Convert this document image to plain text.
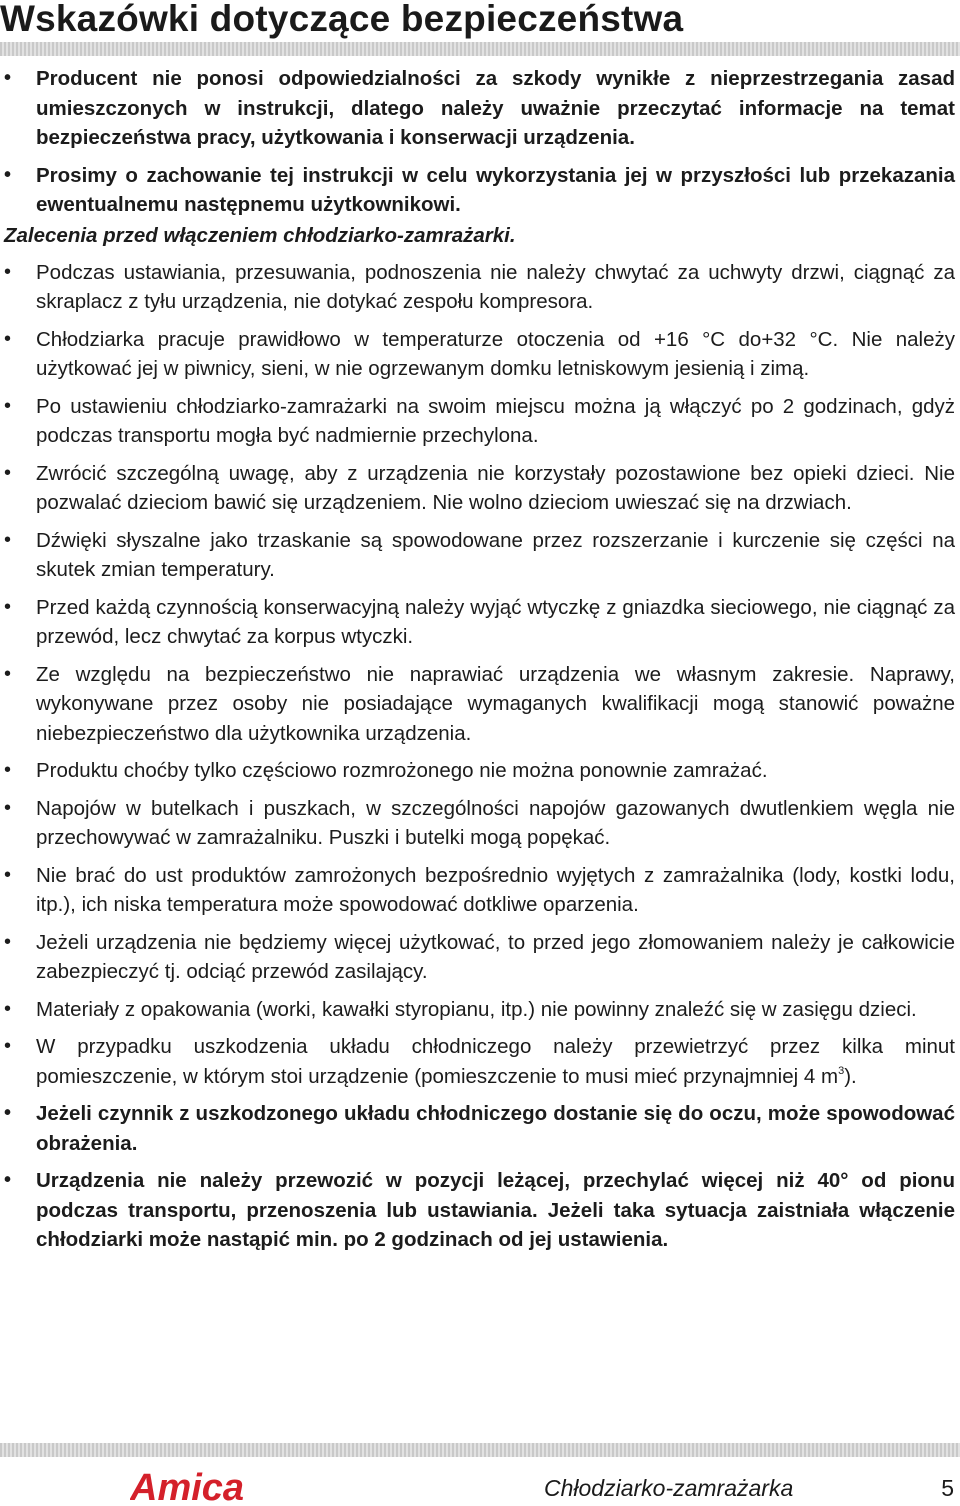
Wskazówki dotyczące bezpieczeństwa
• Producent nie ponosi odpowiedzialności za szkody wynikłe z nieprzestrzegania zasad umieszczonych w instrukcji, dlatego należy uważnie przeczytać informacje na temat bezpieczeństwa pracy, użytkowania i konserwacji urządzenia.
• Prosimy o zachowanie tej instrukcji w celu wykorzystania jej w przyszłości lub przekazania ewentualnemu następnemu użytkownikowi.
Zalecenia przed włączeniem chłodziarko-zamrażarki.
• Podczas ustawiania, przesuwania, podnoszenia nie należy chwytać za uchwyty drzwi, ciągnąć za skraplacz z tyłu urządzenia, nie dotykać zespołu kompresora.
• Chłodziarka pracuje prawidłowo w temperaturze otoczenia od +16 °C do+32 °C. Nie należy użytkować jej w piwnicy, sieni, w nie ogrzewanym domku letniskowym jesienią i zimą.
• Po ustawieniu chłodziarko-zamrażarki na swoim miejscu można ją włączyć po 2 godzinach, gdyż podczas transportu mogła być nadmiernie przechylona.
• Zwrócić szczególną uwagę, aby z urządzenia nie korzystały pozostawione bez opieki dzieci. Nie pozwalać dzieciom bawić się urządzeniem. Nie wolno dzieciom uwieszać się na drzwiach.
• Dźwięki słyszalne jako trzaskanie są spowodowane przez rozszerzanie i kurczenie się części na skutek zmian temperatury.
• Przed każdą czynnością konserwacyjną należy wyjąć wtyczkę z gniazdka sieciowego, nie ciągnąć za przewód, lecz chwytać za korpus wtyczki.
• Ze względu na bezpieczeństwo nie naprawiać urządzenia we własnym zakresie. Naprawy, wykonywane przez osoby nie posiadające wymaganych kwalifikacji mogą stanowić poważne niebezpieczeństwo dla użytkownika urządzenia.
• Produktu choćby tylko częściowo rozmrożonego nie można ponownie zamrażać.
• Napojów w butelkach i puszkach, w szczególności napojów gazowanych dwutlenkiem węgla nie przechowywać w zamrażalniku. Puszki i butelki mogą popękać.
• Nie brać do ust produktów zamrożonych bezpośrednio wyjętych z zamrażalnika (lody, kostki lodu, itp.), ich niska temperatura może spowodować dotkliwe oparzenia.
• Jeżeli urządzenia nie będziemy więcej użytkować, to przed jego złomowaniem należy je całkowicie zabezpieczyć tj. odciąć przewód zasilający.
• Materiały z opakowania (worki, kawałki styropianu, itp.) nie powinny znaleźć się w zasięgu dzieci.
• W przypadku uszkodzenia układu chłodniczego należy przewietrzyć przez kilka minut pomieszczenie, w którym stoi urządzenie (pomieszczenie to musi mieć przynajmniej 4 $m^3$).
• Jeżeli czynnik z uszkodzonego układu chłodniczego dostanie się do oczu, może spowodować obrażenia.
• Urządzenia nie należy przewozić w pozycji leżącej, przechylać więcej niż 40° od pionu podczas transportu, przenoszenia lub ustawiania. Jeżeli taka sytuacja zaistniała włączenie chłodziarki może nastąpić min. po 2 godzinach od jej ustawienia.
Amica	Chłodziarko-zamrażarka	5
